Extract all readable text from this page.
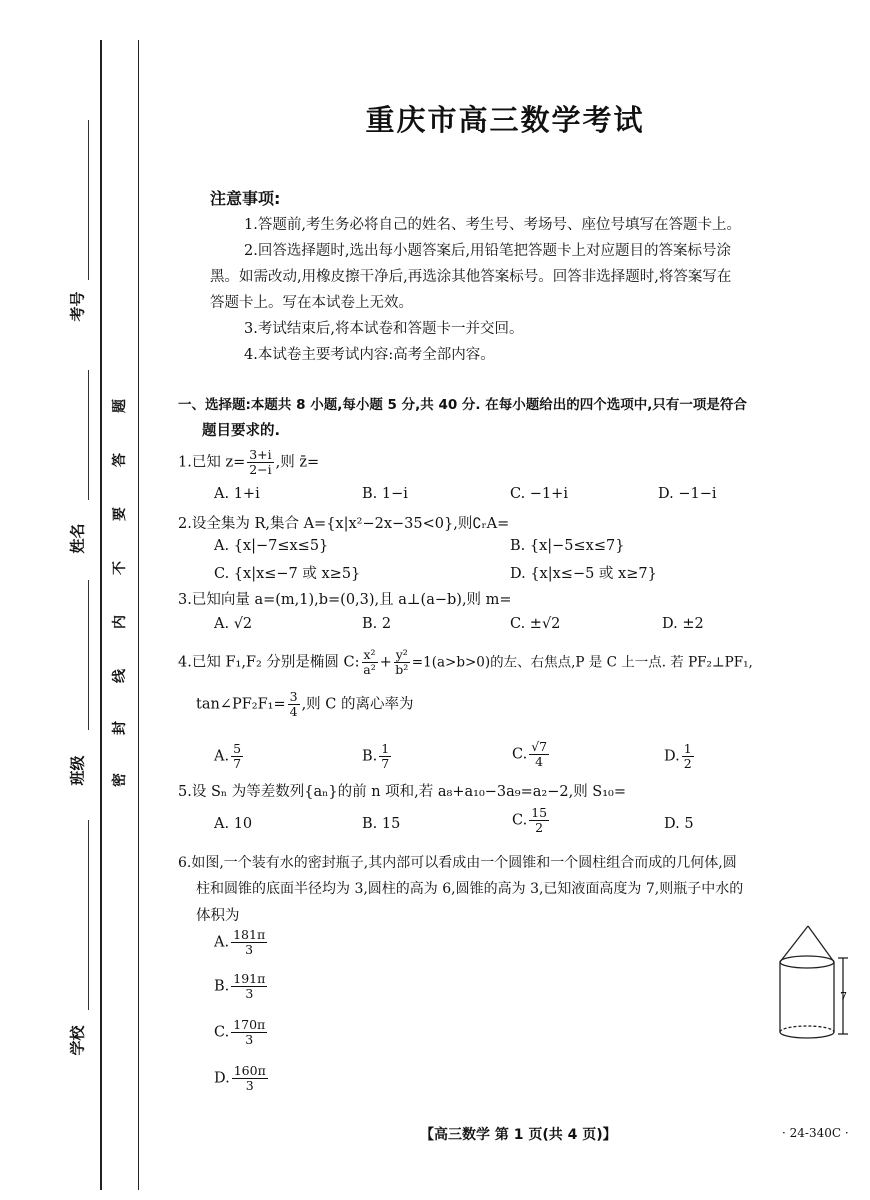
考号
姓名
班级
学校
密
封
线
内
不
要
答
题
重庆市高三数学考试
注意事项:
1.答题前,考生务必将自己的姓名、考生号、考场号、座位号填写在答题卡上。
2.回答选择题时,选出每小题答案后,用铅笔把答题卡上对应题目的答案标号涂
黑。如需改动,用橡皮擦干净后,再选涂其他答案标号。回答非选择题时,将答案写在
答题卡上。写在本试卷上无效。
3.考试结束后,将本试卷和答题卡一并交回。
4.本试卷主要考试内容:高考全部内容。
一、选择题:本题共 8 小题,每小题 5 分,共 40 分. 在每小题给出的四个选项中,只有一项是符合
题目要求的.
1.已知 $z= \frac{3+i}{2-i}$ ,则 z̄=
A. 1+i	B. 1−i	C. −1+i	D. −1−i
2.设全集为 R,集合 A={x|x²−2x−35<0},则∁ᵣA=
A. {x|−7≤x≤5}	B. {x|−5≤x≤7}
C. {x|x≤−7 或 x≥5}	D. {x|x≤−5 或 x≥7}
3.已知向量 a=(m,1),b=(0,3),且 a⊥(a−b),则 m=
A. √2	B. 2	C. ±√2	D. ±2
4.已知 F₁,F₂ 分别是椭圆 C: $\frac{\text{x²}}{\text{a²}} + \frac{\text{y²}}{\text{b²}} =1(a>b>0)$的左、右焦点,P 是 C 上一点. 若 PF₂⊥PF₁,
tan∠PF₂F₁= $\frac{3}{4}$ ,则 C 的离心率为
A. $\frac{5}{7}$	B. $\frac{1}{7}$	C. $\frac{√7}{4}$	D. $\frac{1}{2}$
5.设 Sₙ 为等差数列{aₙ}的前 n 项和,若 a₈+a₁₀−3a₉=a₂−2,则 S₁₀=
A. 10	B. 15	C. $\frac{15}{2}$	D. 5
6.如图,一个装有水的密封瓶子,其内部可以看成由一个圆锥和一个圆柱组合而成的几何体,圆
柱和圆锥的底面半径均为 3,圆柱的高为 6,圆锥的高为 3,已知液面高度为 7,则瓶子中水的
体积为
A. $\frac{181\pi}{3}$
B. $\frac{191\pi}{3}$
C. $\frac{170\pi}{3}$
D. $\frac{160\pi}{3}$
7
【高三数学 第 1 页(共 4 页)】	· 24-340C ·
